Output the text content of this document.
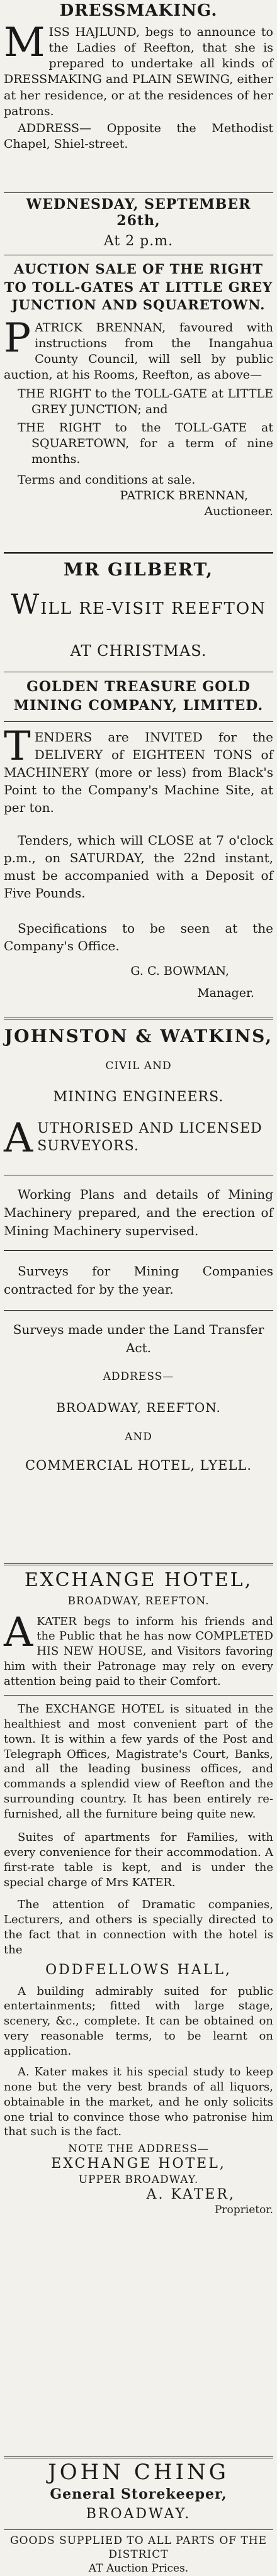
DRESSMAKING.

M ISS HAJLUND, begs to announce to the Ladies of Reefton, that she is prepared to undertake all kinds of DRESSMAKING and PLAIN SEWING, either at her residence, or at the residences of her patrons.

ADDRESS— Opposite the Methodist Chapel, Shiel-street.

WEDNESDAY, SEPTEMBER 26th,

At 2 p.m.

AUCTION SALE OF THE RIGHT TO TOLL-GATES AT LITTLE GREY JUNCTION AND SQUARETOWN.

P ATRICK BRENNAN, favoured with instructions from the Inangahua County Council, will sell by public auction, at his Rooms, Reefton, as above—

THE RIGHT to the TOLL-GATE at LITTLE GREY JUNCTION; and

THE RIGHT to the TOLL-GATE at SQUARETOWN, for a term of nine months.

Terms and conditions at sale.

PATRICK BRENNAN,

Auctioneer.

MR GILBERT,

WILL RE-VISIT REEFTON

AT CHRISTMAS.

GOLDEN TREASURE GOLD MINING COMPANY, LIMITED.

T ENDERS are INVITED for the DELIVERY of EIGHTEEN TONS of MACHINERY (more or less) from Black's Point to the Company's Machine Site, at per ton.

Tenders, which will CLOSE at 7 o'clock p.m., on SATURDAY, the 22nd instant, must be accompanied with a Deposit of Five Pounds.

Specifications to be seen at the Company's Office.

G. C. BOWMAN,

Manager.

JOHNSTON & WATKINS,

CIVIL AND

MINING ENGINEERS.

A UTHORISED AND LICENSED SURVEYORS.

Working Plans and details of Mining Machinery prepared, and the erection of Mining Machinery supervised.

Surveys for Mining Companies contracted for by the year.

Surveys made under the Land Transfer Act.

ADDRESS—

BROADWAY, REEFTON.

AND

COMMERCIAL HOTEL, LYELL.

EXCHANGE HOTEL,

BROADWAY, REEFTON.

A KATER begs to inform his friends and the Public that he has now COMPLETED HIS NEW HOUSE, and Visitors favoring him with their Patronage may rely on every attention being paid to their Comfort.

The EXCHANGE HOTEL is situated in the healthiest and most convenient part of the town. It is within a few yards of the Post and Telegraph Offices, Magistrate's Court, Banks, and all the leading business offices, and commands a splendid view of Reefton and the surrounding country. It has been entirely re-furnished, all the furniture being quite new.

Suites of apartments for Families, with every convenience for their accommodation. A first-rate table is kept, and is under the special charge of Mrs KATER.

The attention of Dramatic companies, Lecturers, and others is specially directed to the fact that in connection with the hotel is the

ODDFELLOWS HALL,

A building admirably suited for public entertainments; fitted with large stage, scenery, &c., complete. It can be obtained on very reasonable terms, to be learnt on application.

A. Kater makes it his special study to keep none but the very best brands of all liquors, obtainable in the market, and he only solicits one trial to convince those who patronise him that such is the fact.

NOTE THE ADDRESS—

EXCHANGE HOTEL,

UPPER BROADWAY.

A. KATER,

Proprietor.

JOHN CHING

General Storekeeper,

BROADWAY.

GOODS SUPPLIED TO ALL PARTS OF THE DISTRICT

AT Auction Prices.
